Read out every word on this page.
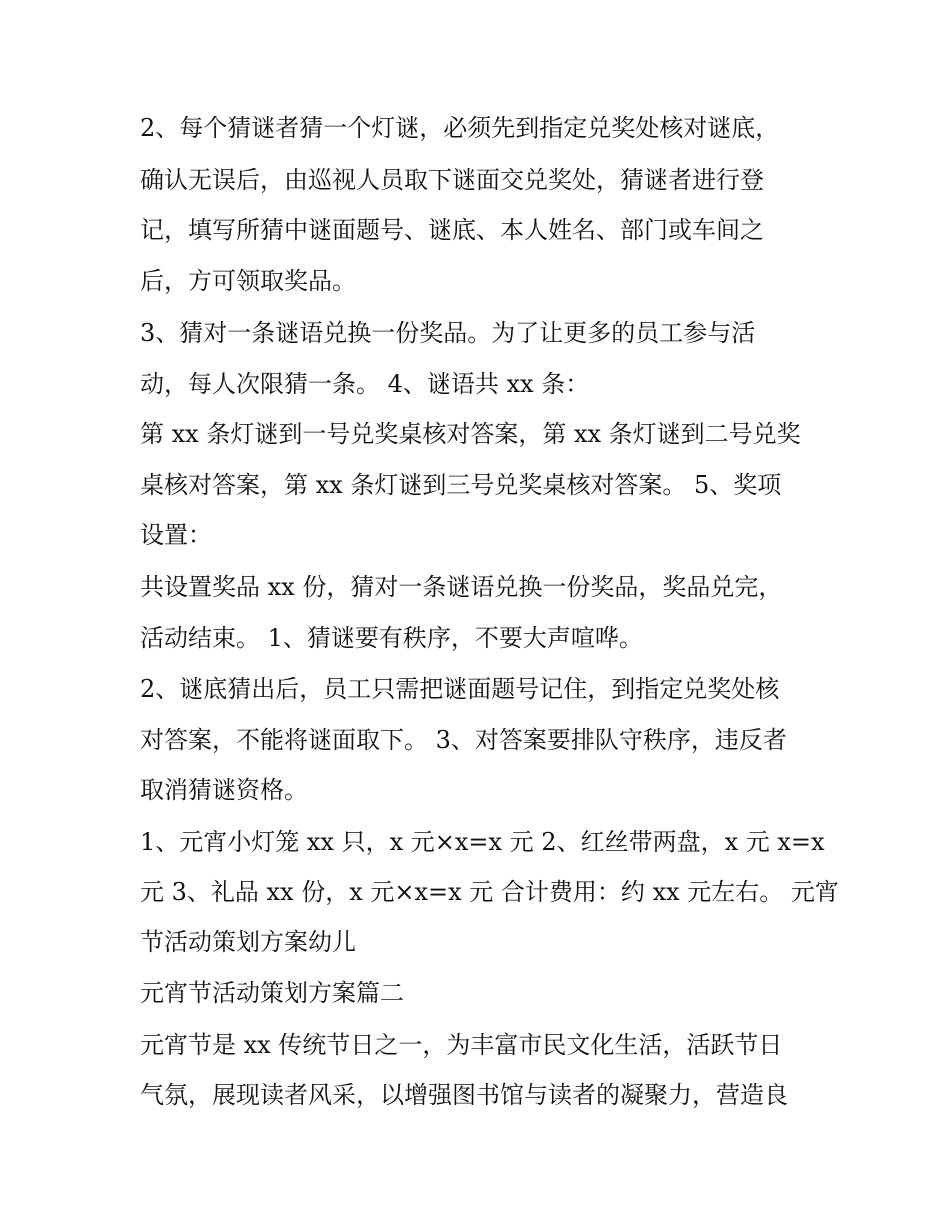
2、每个猜谜者猜一个灯谜，必须先到指定兑奖处核对谜底，
确认无误后，由巡视人员取下谜面交兑奖处，猜谜者进行登
记，填写所猜中谜面题号、谜底、本人姓名、部门或车间之
后，方可领取奖品。
3、猜对一条谜语兑换一份奖品。为了让更多的员工参与活
动，每人次限猜一条。 4、谜语共 xx 条：
第 xx 条灯谜到一号兑奖桌核对答案，第 xx 条灯谜到二号兑奖
桌核对答案，第 xx 条灯谜到三号兑奖桌核对答案。 5、奖项
设置：
共设置奖品 xx 份，猜对一条谜语兑换一份奖品，奖品兑完，
活动结束。 1、猜谜要有秩序，不要大声喧哗。
2、谜底猜出后，员工只需把谜面题号记住，到指定兑奖处核
对答案，不能将谜面取下。 3、对答案要排队守秩序，违反者
取消猜谜资格。
1、元宵小灯笼 xx 只，x 元×x=x 元 2、红丝带两盘，x 元 x=x
元 3、礼品 xx 份，x 元×x=x 元 合计费用：约 xx 元左右。 元宵
节活动策划方案幼儿
元宵节活动策划方案篇二
元宵节是 xx 传统节日之一，为丰富市民文化生活，活跃节日
气氛，展现读者风采，以增强图书馆与读者的凝聚力，营造良
